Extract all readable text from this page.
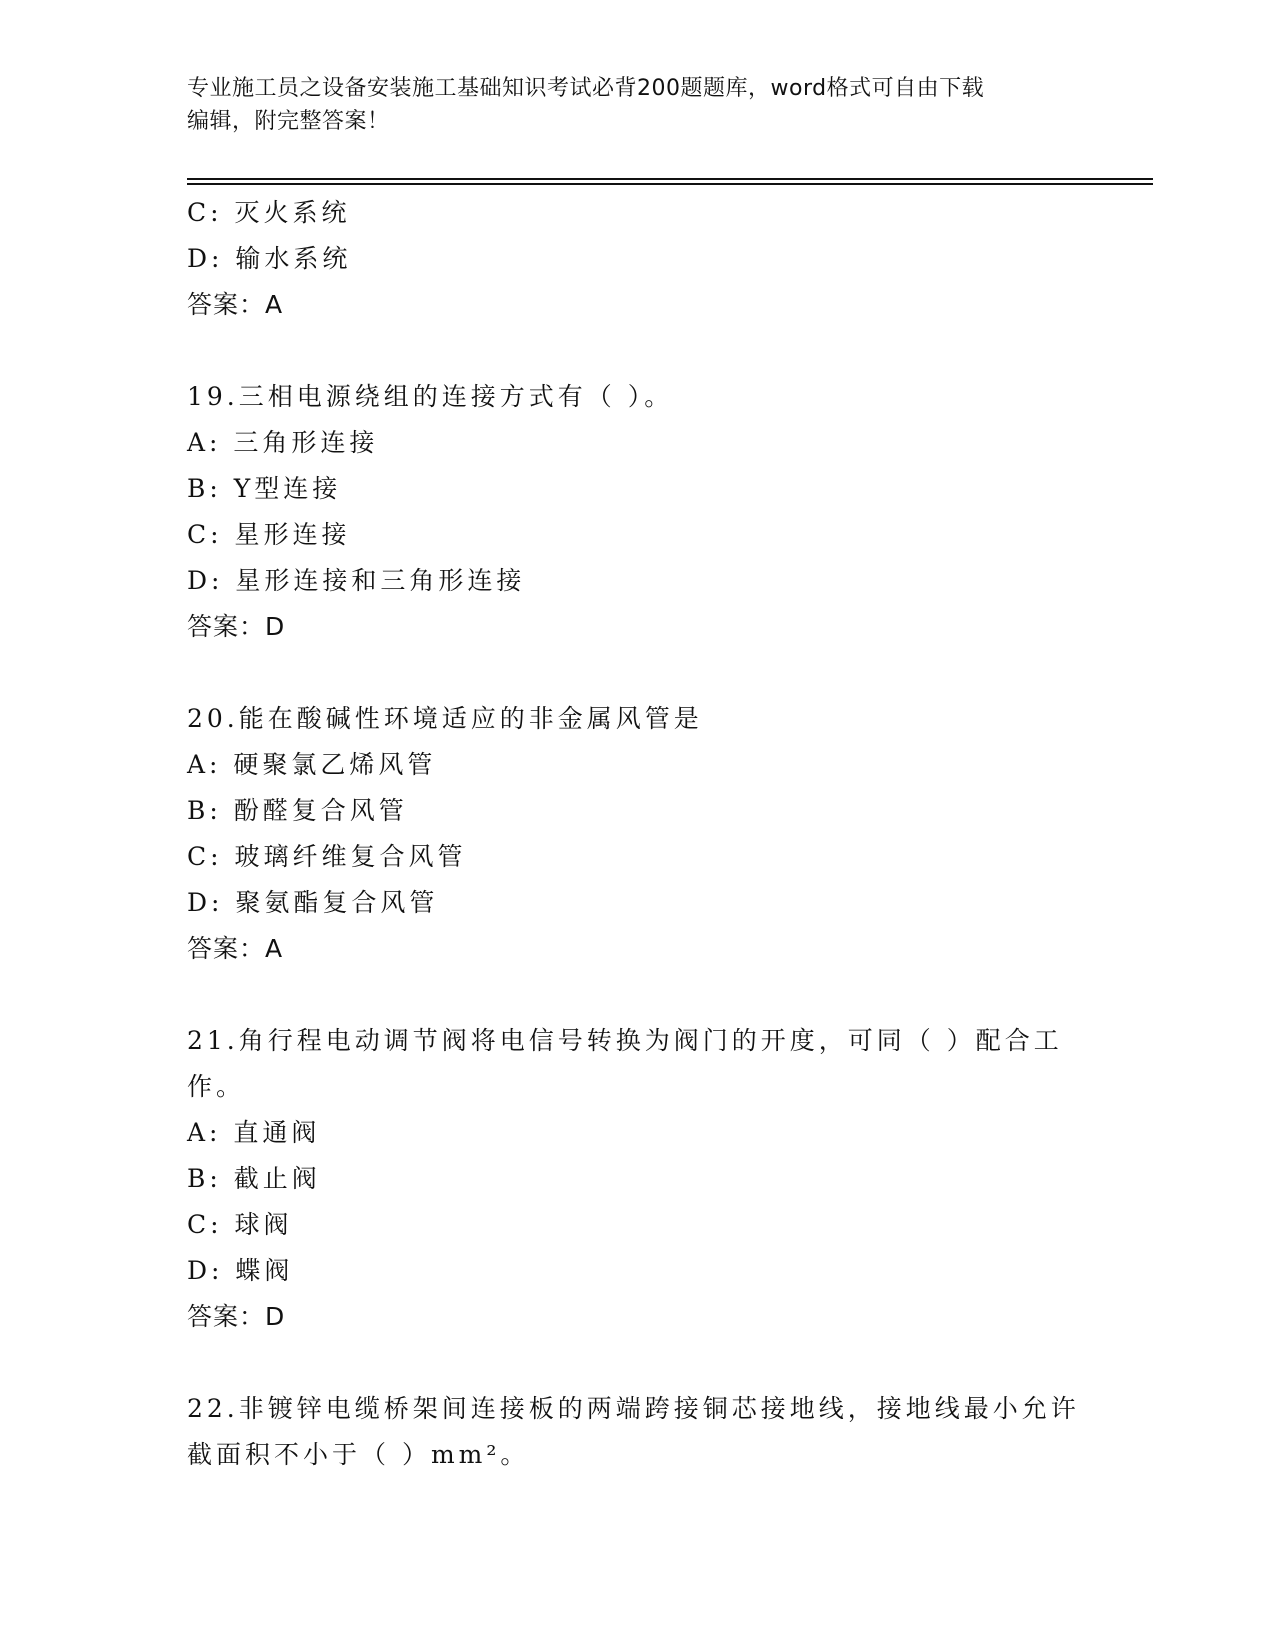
专业施工员之设备安装施工基础知识考试必背200题题库，word格式可自由下载
编辑，附完整答案！
C: 灭火系统
D: 输水系统
答案：A
19.三相电源绕组的连接方式有（ ）。
A: 三角形连接
B: Y型连接
C: 星形连接
D: 星形连接和三角形连接
答案：D
20.能在酸碱性环境适应的非金属风管是
A: 硬聚氯乙烯风管
B: 酚醛复合风管
C: 玻璃纤维复合风管
D: 聚氨酯复合风管
答案：A
21.角行程电动调节阀将电信号转换为阀门的开度，可同（ ）配合工
作。
A: 直通阀
B: 截止阀
C: 球阀
D: 蝶阀
答案：D
22.非镀锌电缆桥架间连接板的两端跨接铜芯接地线，接地线最小允许
截面积不小于（ ）mm²。
